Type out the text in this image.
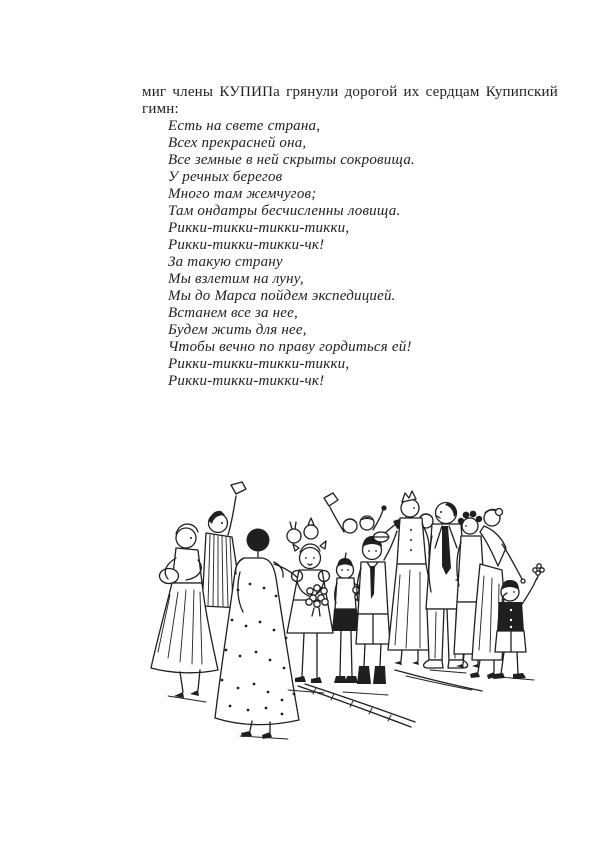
миг члены КУПИПа грянули дорогой их сердцам Купипский
гимн:
Есть на свете страна,
Всех прекрасней она,
Все земные в ней скрыты сокровища.
У речных берегов
Много там жемчугов;
Там ондатры бесчисленны ловища.
Рикки-тикки-тикки-тикки,
Рикки-тикки-тикки-чк!
За такую страну
Мы взлетим на луну,
Мы до Марса пойдем экспедицией.
Встанем все за нее,
Будем жить для нее,
Чтобы вечно по праву гордиться ей!
Рикки-тикки-тикки-тикки,
Рикки-тикки-тикки-чк!
